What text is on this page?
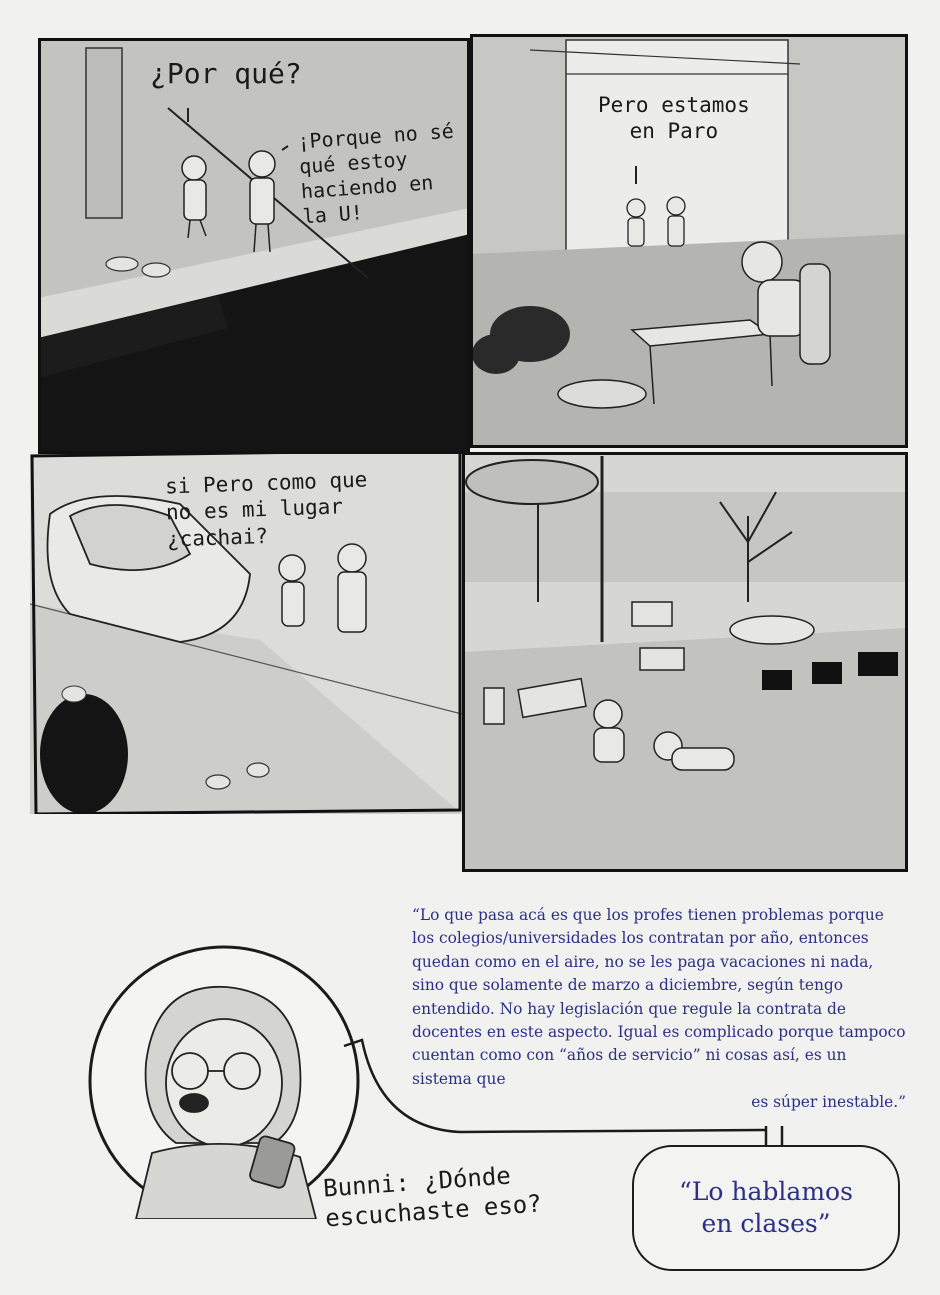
¿Por qué?
¡Porque no sé
qué estoy
haciendo en
la U!
Pero estamos
en Paro
si Pero como que
no es mi lugar
¿cachai?

“Lo que pasa acá es que los profes tienen problemas porque los colegios/universidades los contratan por año, entonces quedan como en el aire, no se les paga vacaciones ni nada, sino que solamente de marzo a diciembre, según tengo entendido. No hay legislación que regule la contrata de docentes en este aspecto. Igual es complicado porque tampoco cuentan como con “años de servicio” ni cosas así, es un sistema que
es súper inestable.”

Bunni: ¿Dónde
escuchaste eso?	“Lo hablamos
en clases”
